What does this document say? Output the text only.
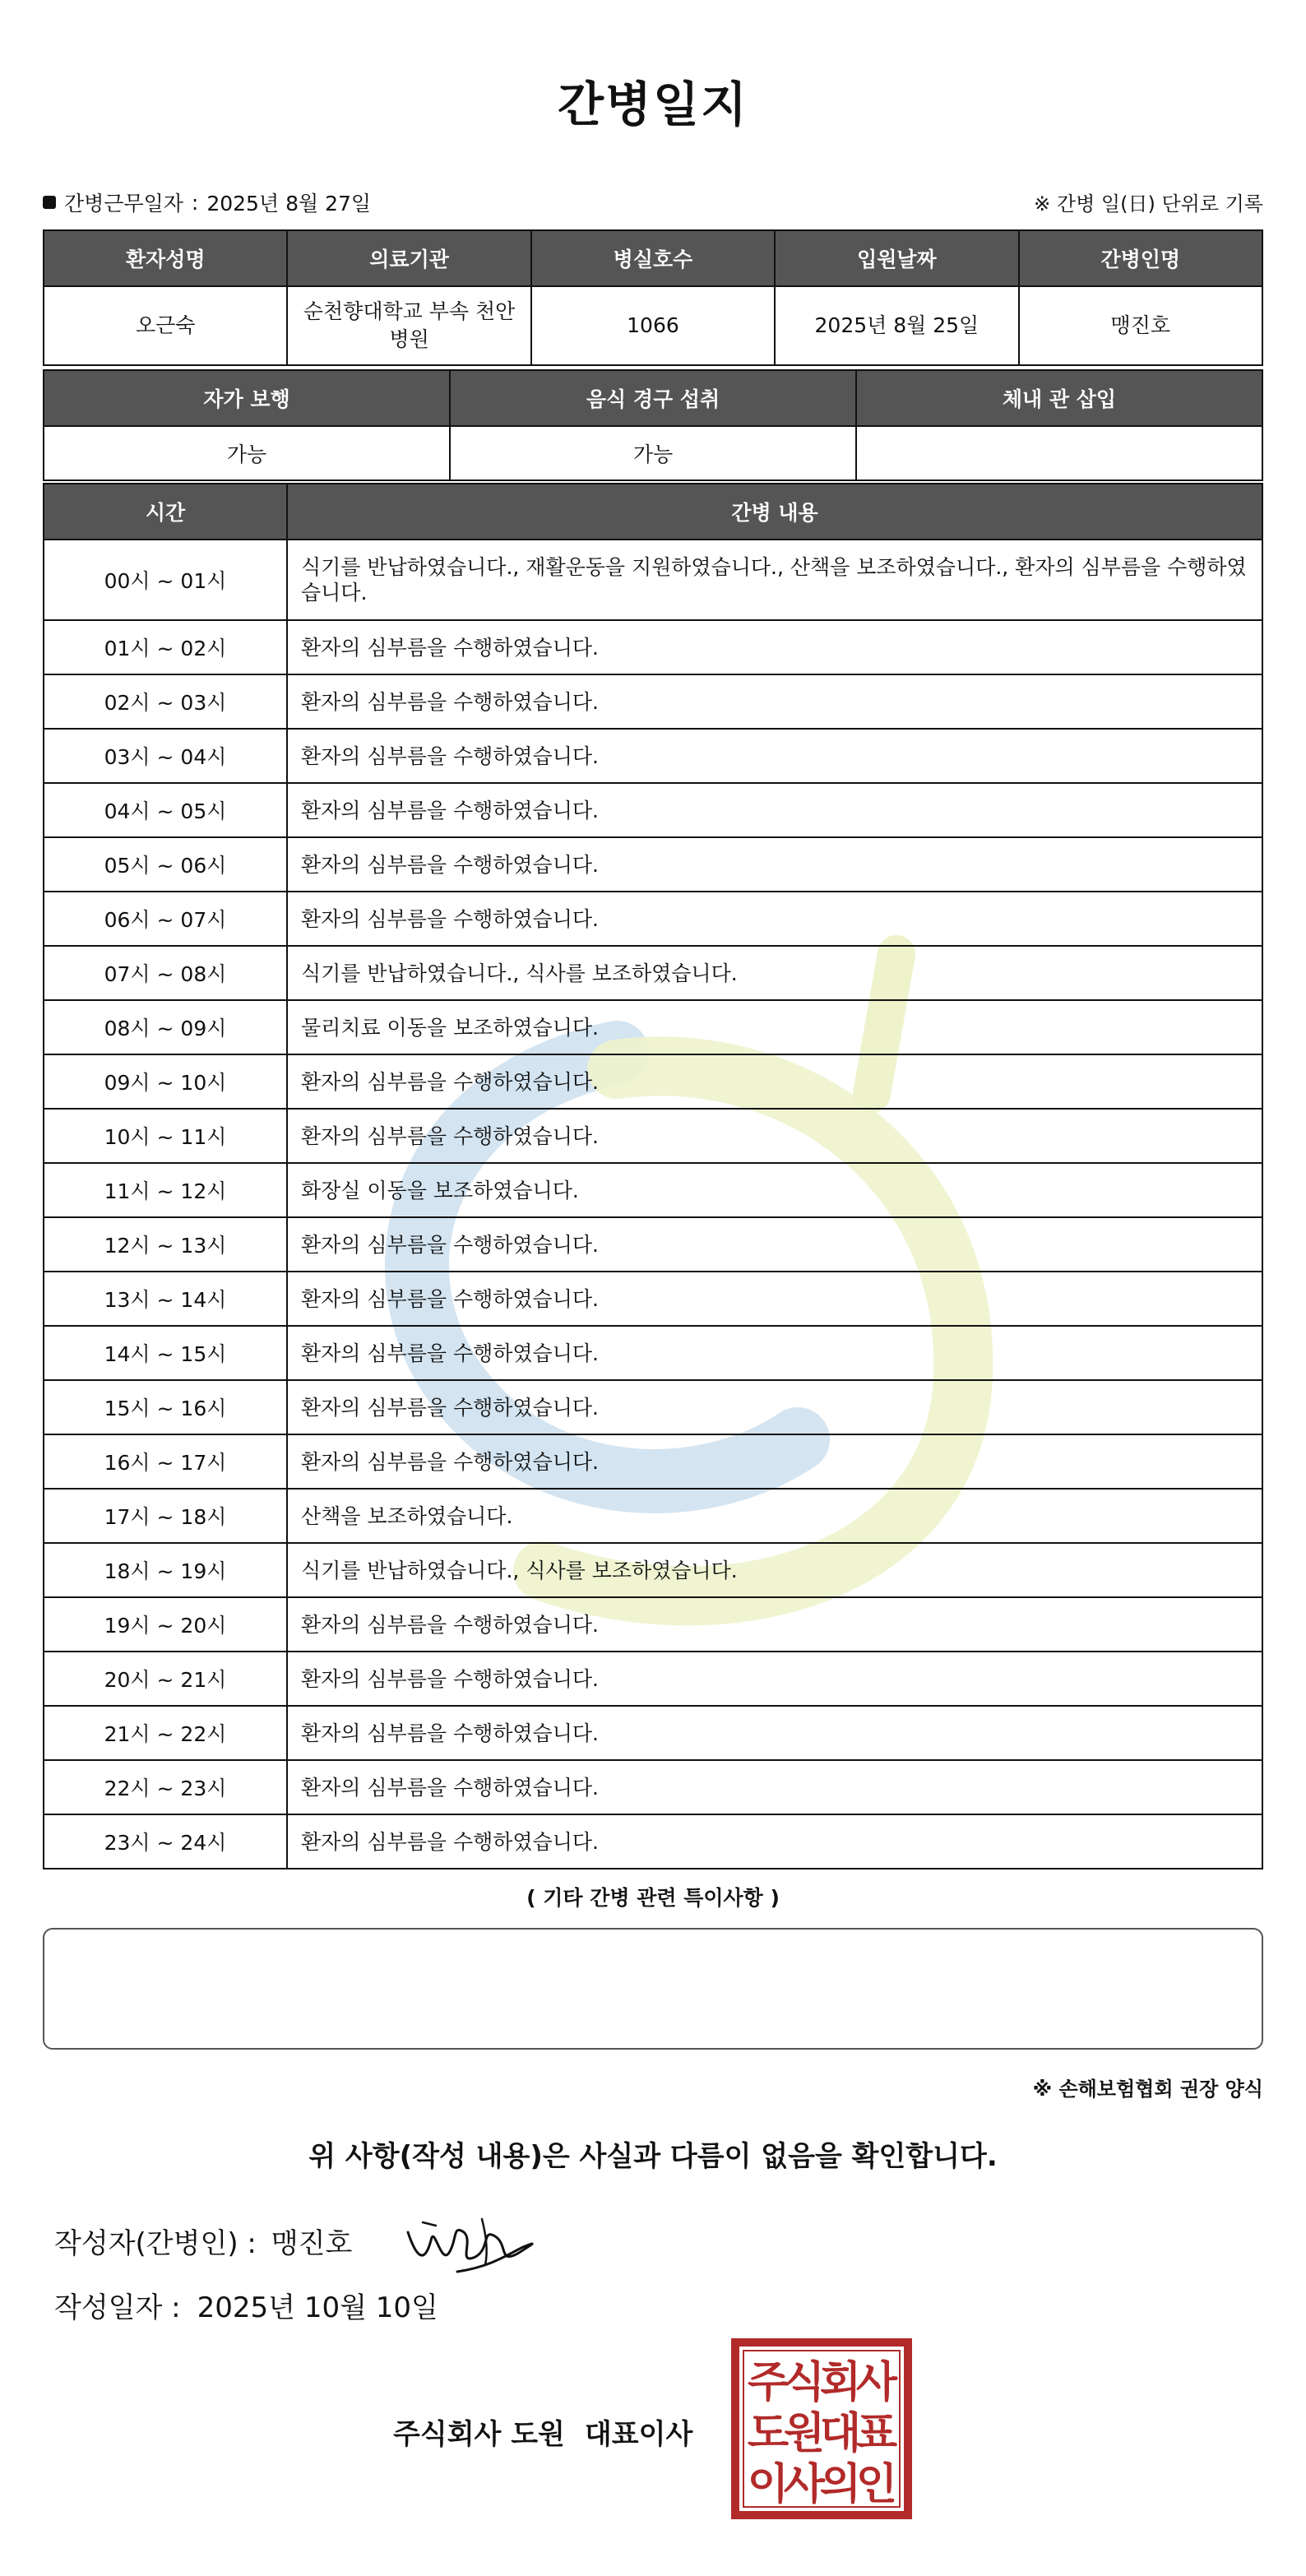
간병일지
간병근무일자 : 2025년 8월 27일	※ 간병 일(日) 단위로 기록
환자성명	의료기관	병실호수	입원날짜	간병인명
오근숙	순천향대학교 부속 천안병원	1066	2025년 8월 25일	맹진호
자가 보행	음식 경구 섭취	체내 관 삽입
가능	가능	
시간	간병 내용
00시 ~ 01시	식기를 반납하였습니다., 재활운동을 지원하였습니다., 산책을 보조하였습니다., 환자의 심부름을 수행하였습니다.
01시 ~ 02시	환자의 심부름을 수행하였습니다.
02시 ~ 03시	환자의 심부름을 수행하였습니다.
03시 ~ 04시	환자의 심부름을 수행하였습니다.
04시 ~ 05시	환자의 심부름을 수행하였습니다.
05시 ~ 06시	환자의 심부름을 수행하였습니다.
06시 ~ 07시	환자의 심부름을 수행하였습니다.
07시 ~ 08시	식기를 반납하였습니다., 식사를 보조하였습니다.
08시 ~ 09시	물리치료 이동을 보조하였습니다.
09시 ~ 10시	환자의 심부름을 수행하였습니다.
10시 ~ 11시	환자의 심부름을 수행하였습니다.
11시 ~ 12시	화장실 이동을 보조하였습니다.
12시 ~ 13시	환자의 심부름을 수행하였습니다.
13시 ~ 14시	환자의 심부름을 수행하였습니다.
14시 ~ 15시	환자의 심부름을 수행하였습니다.
15시 ~ 16시	환자의 심부름을 수행하였습니다.
16시 ~ 17시	환자의 심부름을 수행하였습니다.
17시 ~ 18시	산책을 보조하였습니다.
18시 ~ 19시	식기를 반납하였습니다., 식사를 보조하였습니다.
19시 ~ 20시	환자의 심부름을 수행하였습니다.
20시 ~ 21시	환자의 심부름을 수행하였습니다.
21시 ~ 22시	환자의 심부름을 수행하였습니다.
22시 ~ 23시	환자의 심부름을 수행하였습니다.
23시 ~ 24시	환자의 심부름을 수행하였습니다.
( 기타 간병 관련 특이사항 )
※ 손해보험협회 권장 양식
위 사항(작성 내용)은 사실과 다름이 없음을 확인합니다.
작성자(간병인) : 맹진호
작성일자 : 2025년 10월 10일
주식회사 도원 대표이사
주
식
회
사
도
원
대
표
이
사
의
인
